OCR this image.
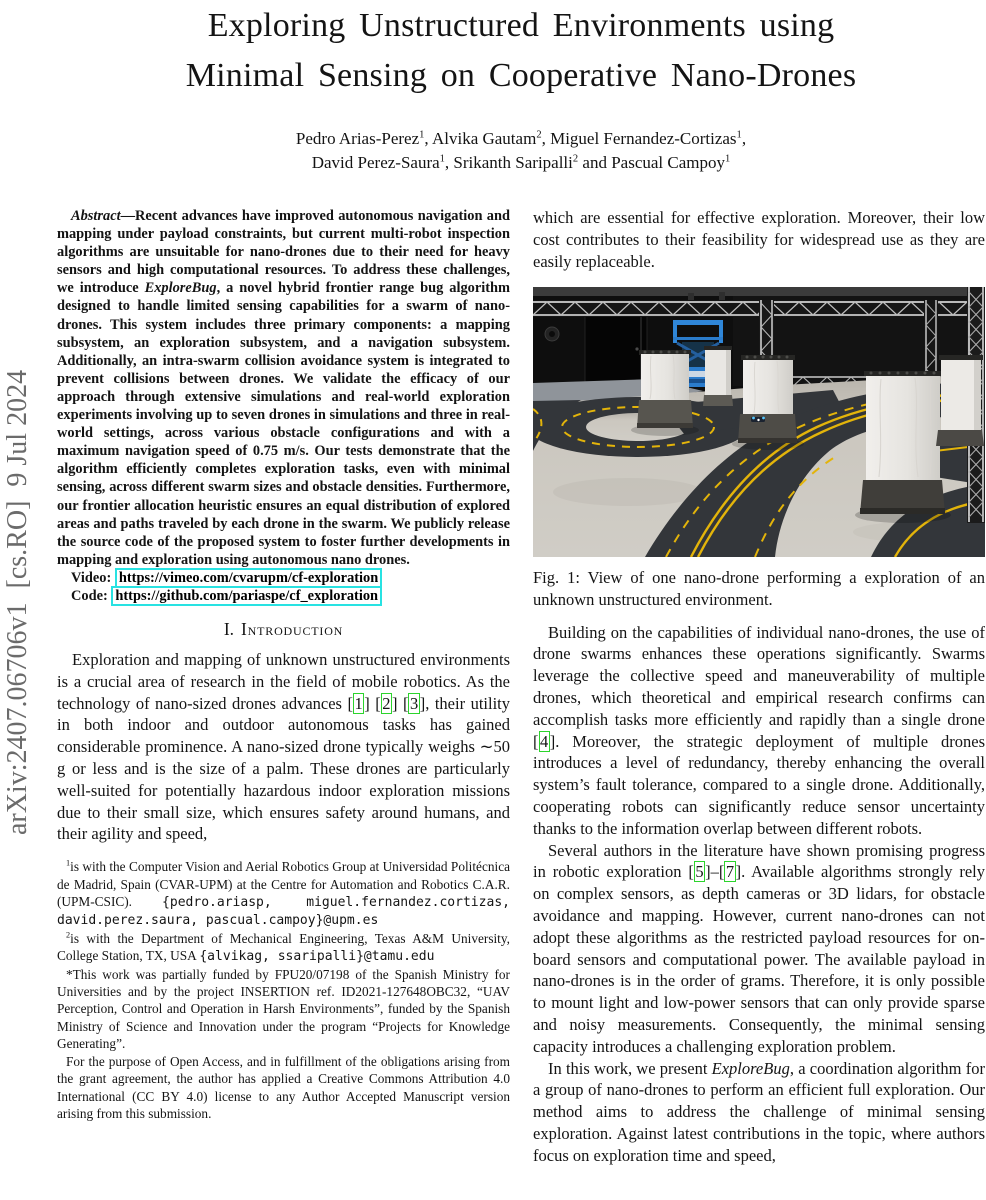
arXiv:2407.06706v1  [cs.RO]  9 Jul 2024
Exploring Unstructured Environments using
Minimal Sensing on Cooperative Nano-Drones
Pedro Arias-Perez$^1$, Alvika Gautam$^2$, Miguel Fernandez-Cortizas$^1$,
David Perez-Saura$^1$, Srikanth Saripalli$^2$ and Pascual Campoy$^1$

Abstract—Recent advances have improved autonomous navigation and mapping under payload constraints, but current multi-robot inspection algorithms are unsuitable for nano-drones due to their need for heavy sensors and high computational resources. To address these challenges, we introduce ExploreBug, a novel hybrid frontier range bug algorithm designed to handle limited sensing capabilities for a swarm of nano-drones. This system includes three primary components: a mapping subsystem, an exploration subsystem, and a navigation subsystem. Additionally, an intra-swarm collision avoidance system is integrated to prevent collisions between drones. We validate the efficacy of our approach through extensive simulations and real-world exploration experiments involving up to seven drones in simulations and three in real-world settings, across various obstacle configurations and with a maximum navigation speed of 0.75 m/s. Our tests demonstrate that the algorithm efficiently completes exploration tasks, even with minimal sensing, across different swarm sizes and obstacle densities. Furthermore, our frontier allocation heuristic ensures an equal distribution of explored areas and paths traveled by each drone in the swarm. We publicly release the source code of the proposed system to foster further developments in mapping and exploration using autonomous nano drones.

Video: https://vimeo.com/cvarupm/cf-exploration

Code: https://github.com/pariaspe/cf_exploration

I. Introduction

Exploration and mapping of unknown unstructured environments is a crucial area of research in the field of mobile robotics. As the technology of nano-sized drones advances [1] [2] [3], their utility in both indoor and outdoor autonomous tasks has gained considerable prominence. A nano-sized drone typically weighs ∼50 g or less and is the size of a palm. These drones are particularly well-suited for potentially hazardous indoor exploration missions due to their small size, which ensures safety around humans, and their agility and speed,

$^1$is with the Computer Vision and Aerial Robotics Group at Universidad Politécnica de Madrid, Spain (CVAR-UPM) at the Centre for Automation and Robotics C.A.R. (UPM-CSIC). {pedro.ariasp, miguel.fernandez.cortizas, david.perez.saura, pascual.campoy}@upm.es

$^2$is with the Department of Mechanical Engineering, Texas A&M University, College Station, TX, USA {alvikag, ssaripalli}@tamu.edu

*This work was partially funded by FPU20/07198 of the Spanish Ministry for Universities and by the project INSERTION ref. ID2021-127648OBC32, “UAV Perception, Control and Operation in Harsh Environments”, funded by the Spanish Ministry of Science and Innovation under the program “Projects for Knowledge Generating”.

For the purpose of Open Access, and in fulfillment of the obligations arising from the grant agreement, the author has applied a Creative Commons Attribution 4.0 International (CC BY 4.0) license to any Author Accepted Manuscript version arising from this submission.

which are essential for effective exploration. Moreover, their low cost contributes to their feasibility for widespread use as they are easily replaceable.

Fig. 1: View of one nano-drone performing a exploration of an unknown unstructured environment.

Building on the capabilities of individual nano-drones, the use of drone swarms enhances these operations significantly. Swarms leverage the collective speed and maneuverability of multiple drones, which theoretical and empirical research confirms can accomplish tasks more efficiently and rapidly than a single drone [4]. Moreover, the strategic deployment of multiple drones introduces a level of redundancy, thereby enhancing the overall system’s fault tolerance, compared to a single drone. Additionally, cooperating robots can significantly reduce sensor uncertainty thanks to the information overlap between different robots.

Several authors in the literature have shown promising progress in robotic exploration [5]–[7]. Available algorithms strongly rely on complex sensors, as depth cameras or 3D lidars, for obstacle avoidance and mapping. However, current nano-drones can not adopt these algorithms as the restricted payload resources for on-board sensors and computational power. The available payload in nano-drones is in the order of grams. Therefore, it is only possible to mount light and low-power sensors that can only provide sparse and noisy measurements. Consequently, the minimal sensing capacity introduces a challenging exploration problem.

In this work, we present ExploreBug, a coordination algorithm for a group of nano-drones to perform an efficient full exploration. Our method aims to address the challenge of minimal sensing exploration. Against latest contributions in the topic, where authors focus on exploration time and speed,
